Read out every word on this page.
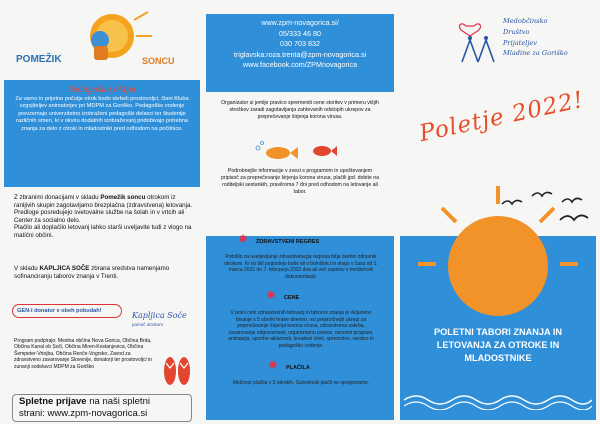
POMEŽIK	SONCU
Pedagoška ekipa
Za varno in prijetno počutje otrok bodo skrbeli prostovoljci, člani Kluba vzgojiteljev animatorjev pri MDPM za Goriško. Pedagoško vodenje prevzemajo univerzitetno izobraženi pedagoški delavci ter študentje različnih smeri, ki v okviru dodatnih izobraževanj pridobivajo potrebna znanja za delo z otroki in mladostniki pred odhodom na počitnice.
Z zbranimi donacijami v skladu Pomežik soncu otrokom iz ranljivih skupin zagotavljamo brezplačna (zdravstvena) letovanja. Predloge posredujejo svetovalne službe na šolah in v vrtcih ali Center za socialno delo.
Plačilo ali doplačilo letovanj lahko starši uveljavite tudi z vlogo na matični občini.
V skladu KAPLJICA SOČE zbrana sredstva namenjamo sofinanciranju taborov znanja v Trenti.
GEN-I donator v obeh pobudah!	Kapljica Soče
pomoč otrokom
Program podpirajo: Mestna občina Nova Gorica, Občina Brda, Občina Kanal ob Soči, Občina Miren-Kostanjevica, Občina Šempeter-Vrtojba, Občina Renče-Vogrsko, Zavod za zdravstveno zavarovanje Slovenije, donatorji ter prostovoljci in zunanji sodelavci MDPM za Goriško
Spletne prijave na naši spletni
strani: www.zpm-novagorica.si
www.zpm-novagorica.si/
05/333 46 80
030 703 832
triglavska.roza.trenta@zpm-novagorica.si
www.facebook.com/ZPMnovagorica
Organizator si jemlje pravico spremeniti cene storitev v primeru višjih stroškov zaradi zagotavljanja zahtevanih odstopih ukrepov za preprečevanje širjenja korona virusa.
Podrobnejše informacije v zvezi s programom in upoštevanjem pripisoč za preprečevanje širjenja korona virusa, plačili jpd. dobite na roditeljski sestankih, pravilroma 7 dni pred odhodom na letovanje ali tabor.
✸ ZDRAVSTVENI REGRES
Potrdilo za uveljavljanje zdravstvenega regresa bitja osebni zdravnik otrokom. Ki so bili pogostejo bolni ali v bolnišnici in imajo v času od 1. marca 2021 do 7. februarja 2022 dva ali več zapisov v medicinski dokumentaciji.
✸ CENE
V polni ceni zdravstvenih letovanj in taborov znanja je vključeno bivanje s 5 obroki hrane dnevno, vsi prepročnejši ukrepi za preprečevanje širjenja korona virusa, zdravstvena oskrba, zavarovanje odgovornosti, organizirano prevoz, osnovni program, animacija, sportne aktivnosti, kreativni izleti, spremstvo, varstvo in pedagoško vodenje.
✸ PLAČILA
Možnost plačila v 3 obrokih. Gotovinski plačil ne sprejemamo.
Medobčinsko
Društvo
Prijateljev
Mladine za Goriško
Poletje 2022!
POLETNI TABORI ZNANJA IN LETOVANJA ZA OTROKE IN MLADOSTNIKE
